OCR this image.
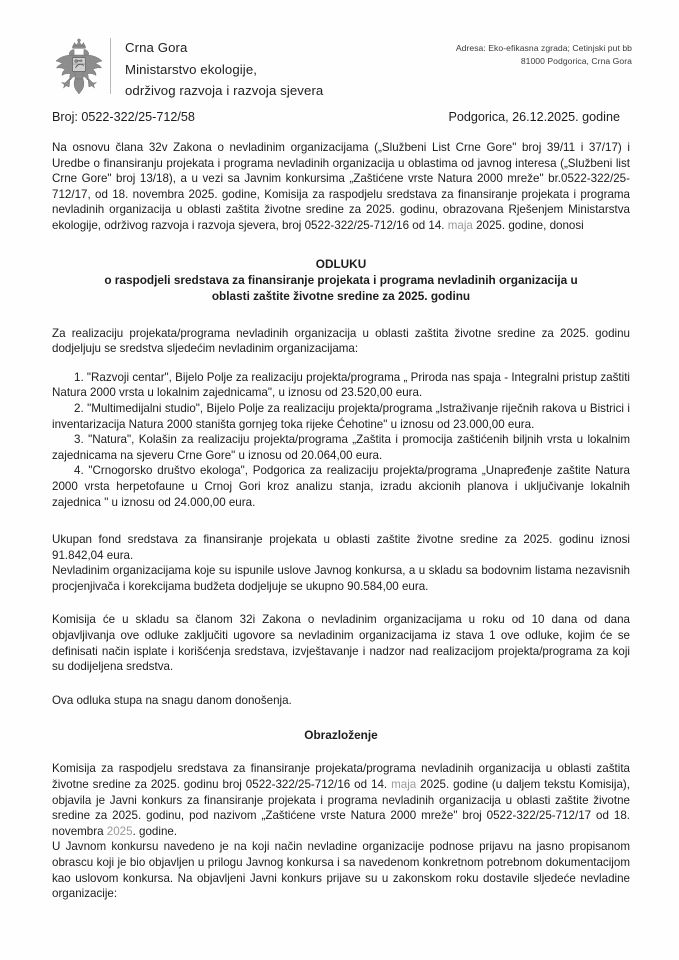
Crna Gora
Ministarstvo ekologije,
održivog razvoja i razvoja sjevera
Adresa: Eko-efikasna zgrada; Cetinjski put bb
81000 Podgorica, Crna Gora
Broj: 0522-322/25-712/58	Podgorica, 26.12.2025. godine

Na osnovu člana 32v Zakona o nevladinim organizacijama („Službeni List Crne Gore" broj 39/11 i 37/17) i Uredbe o finansiranju projekata i programa nevladinih organizacija u oblastima od javnog interesa („Službeni list Crne Gore" broj 13/18), a u vezi sa Javnim konkursima „Zaštićene vrste Natura 2000 mreže" br.0522-322/25-712/17, od 18. novembra 2025. godine, Komisija za raspodjelu sredstava za finansiranje projekata i programa nevladinih organizacija u oblasti zaštita životne sredine za 2025. godinu, obrazovana Rješenjem Ministarstva ekologije, održivog razvoja i razvoja sjevera, broj 0522-322/25-712/16 od 14. maja 2025. godine, donosi

ODLUKU
o raspodjeli sredstava za finansiranje projekata i programa nevladinih organizacija u
oblasti zaštite životne sredine za 2025. godinu

Za realizaciju projekata/programa nevladinih organizacija u oblasti zaštita životne sredine za 2025. godinu dodjeljuju se sredstva sljedećim nevladinim organizacijama:

1. "Razvoji centar", Bijelo Polje za realizaciju projekta/programa „ Priroda nas spaja - Integralni pristup zaštiti Natura 2000 vrsta u lokalnim zajednicama", u iznosu od 23.520,00 eura.

2. "Multimedijalni studio", Bijelo Polje za realizaciju projekta/programa „Istraživanje riječnih rakova u Bistrici i inventarizacija Natura 2000 staništa gornjeg toka rijeke Ćehotine" u iznosu od 23.000,00 eura.

3. "Natura", Kolašin za realizaciju projekta/programa „Zaštita i promocija zaštićenih biljnih vrsta u lokalnim zajednicama na sjeveru Crne Gore" u iznosu od 20.064,00 eura.

4. "Crnogorsko društvo ekologa", Podgorica za realizaciju projekta/programa „Unapređenje zaštite Natura 2000 vrsta herpetofaune u Crnoj Gori kroz analizu stanja, izradu akcionih planova i uključivanje lokalnih zajednica " u iznosu od 24.000,00 eura.

Ukupan fond sredstava za finansiranje projekata u oblasti zaštite životne sredine za 2025. godinu iznosi 91.842,04 eura.

Nevladinim organizacijama koje su ispunile uslove Javnog konkursa, a u skladu sa bodovnim listama nezavisnih procjenjivača i korekcijama budžeta dodjeljuje se ukupno 90.584,00 eura.

Komisija će u skladu sa članom 32i Zakona o nevladinim organizacijama u roku od 10 dana od dana objavljivanja ove odluke zaključiti ugovore sa nevladinim organizacijama iz stava 1 ove odluke, kojim će se definisati način isplate i korišćenja sredstava, izvještavanje i nadzor nad realizacijom projekta/programa za koji su dodijeljena sredstva.

Ova odluka stupa na snagu danom donošenja.

Obrazloženje

Komisija za raspodjelu sredstava za finansiranje projekata/programa nevladinih organizacija u oblasti zaštita životne sredine za 2025. godinu broj 0522-322/25-712/16 od 14. maja 2025. godine (u daljem tekstu Komisija), objavila je Javni konkurs za finansiranje projekata i programa nevladinih organizacija u oblasti zaštite životne sredine za 2025. godinu, pod nazivom „Zaštićene vrste Natura 2000 mreže" broj 0522-322/25-712/17 od 18. novembra 2025. godine.

U Javnom konkursu navedeno je na koji način nevladine organizacije podnose prijavu na jasno propisanom obrascu koji je bio objavljen u prilogu Javnog konkursa i sa navedenom konkretnom potrebnom dokumentacijom kao uslovom konkursa. Na objavljeni Javni konkurs prijave su u zakonskom roku dostavile sljedeće nevladine organizacije:
